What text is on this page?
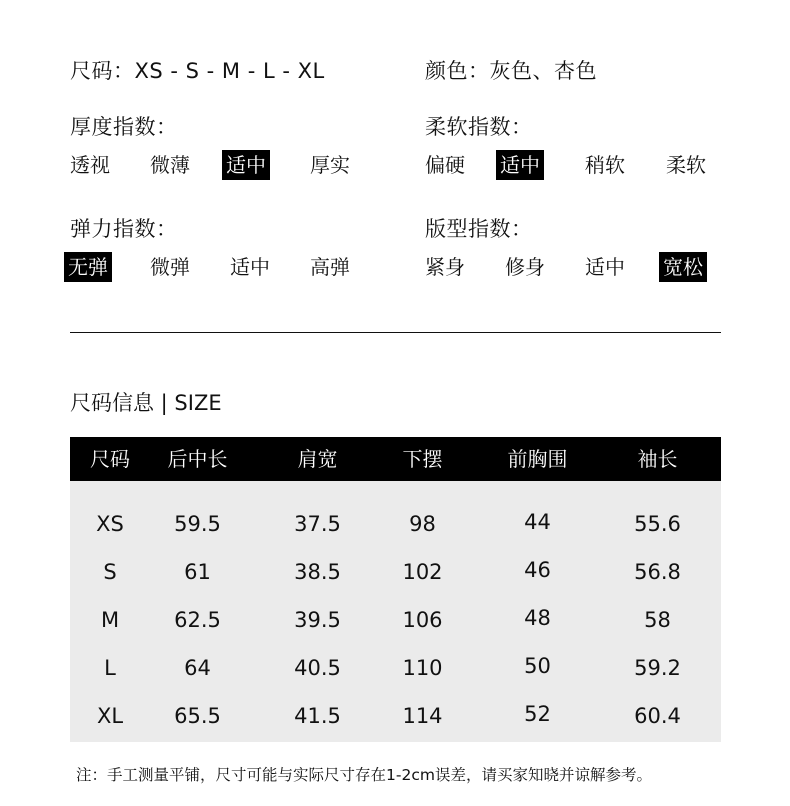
尺码：XS - S - M - L - XL	颜色：灰色、杏色
厚度指数：
透视 微薄 适中 厚实
柔软指数：
偏硬 适中 稍软 柔软
弹力指数：
无弹 微弹 适中 高弹
版型指数：
紧身 修身 适中 宽松
尺码信息 | SIZE
尺码	后中长	肩宽	下摆	前胸围	袖长
XS	59.5	37.5	98	44	55.6
S	61	38.5	102	46	56.8
M	62.5	39.5	106	48	58
L	64	40.5	110	50	59.2
XL	65.5	41.5	114	52	60.4
注：手工测量平铺，尺寸可能与实际尺寸存在1-2cm误差，请买家知晓并谅解参考。
